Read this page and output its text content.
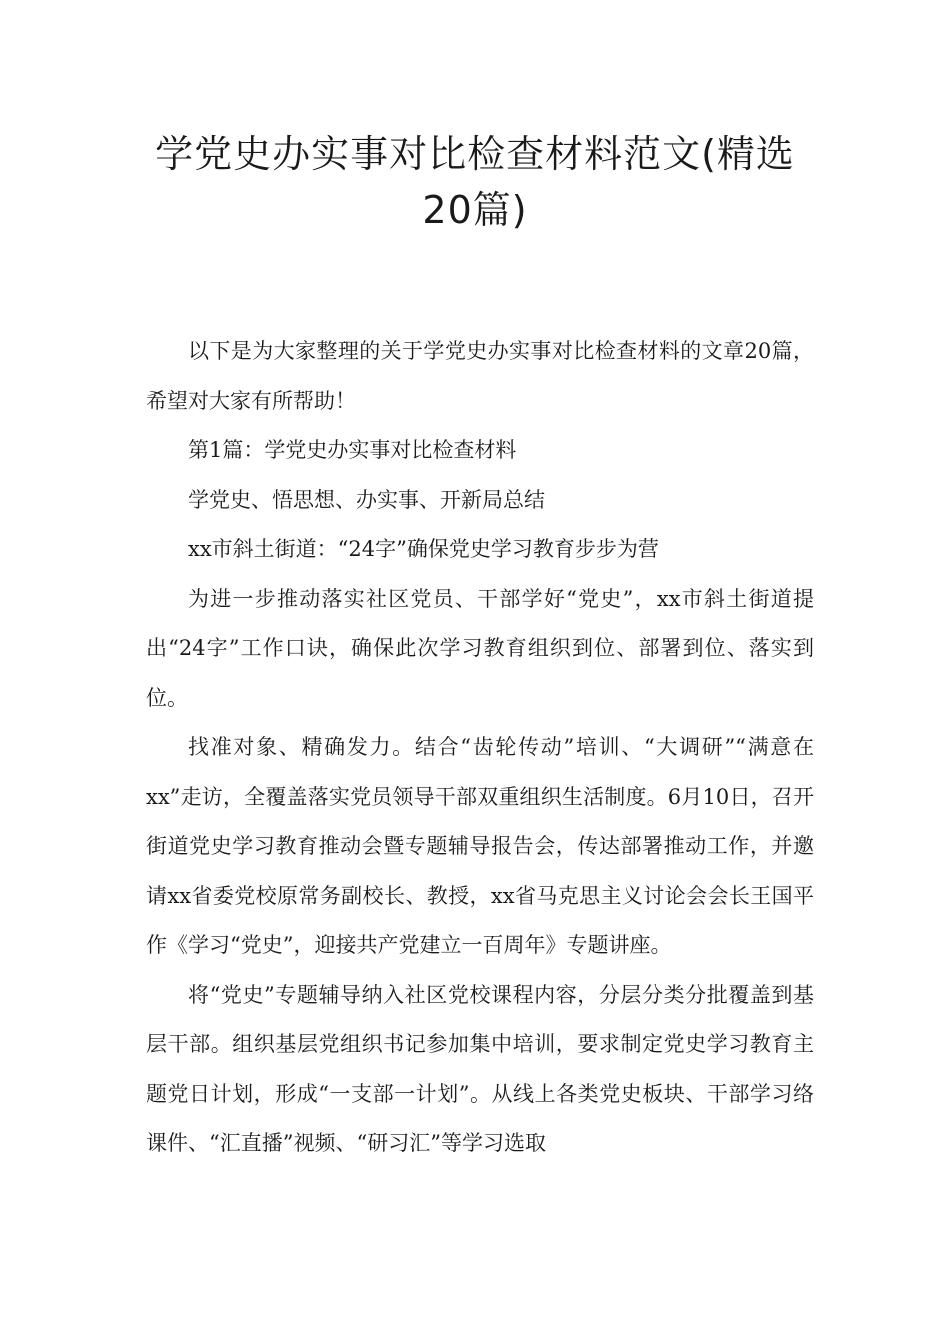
学党史办实事对比检查材料范文(精选
20篇)

以下是为大家整理的关于学党史办实事对比检查材料的文章20篇，希望对大家有所帮助！

第1篇：学党史办实事对比检查材料

学党史、悟思想、办实事、开新局总结

xx市斜土街道：“24字”确保党史学习教育步步为营

为进一步推动落实社区党员、干部学好“党史”，xx市斜土街道提出“24字”工作口诀，确保此次学习教育组织到位、部署到位、落实到位。

找准对象、精确发力。结合“齿轮传动”培训、“大调研”“满意在xx”走访，全覆盖落实党员领导干部双重组织生活制度。6月10日，召开街道党史学习教育推动会暨专题辅导报告会，传达部署推动工作，并邀请xx省委党校原常务副校长、教授，xx省马克思主义讨论会会长王国平作《学习“党史”，迎接共产党建立一百周年》专题讲座。

将“党史”专题辅导纳入社区党校课程内容，分层分类分批覆盖到基层干部。组织基层党组织书记参加集中培训，要求制定党史学习教育主题党日计划，形成“一支部一计划”。从线上各类党史板块、干部学习络课件、“汇直播”视频、“研习汇”等学习选取
